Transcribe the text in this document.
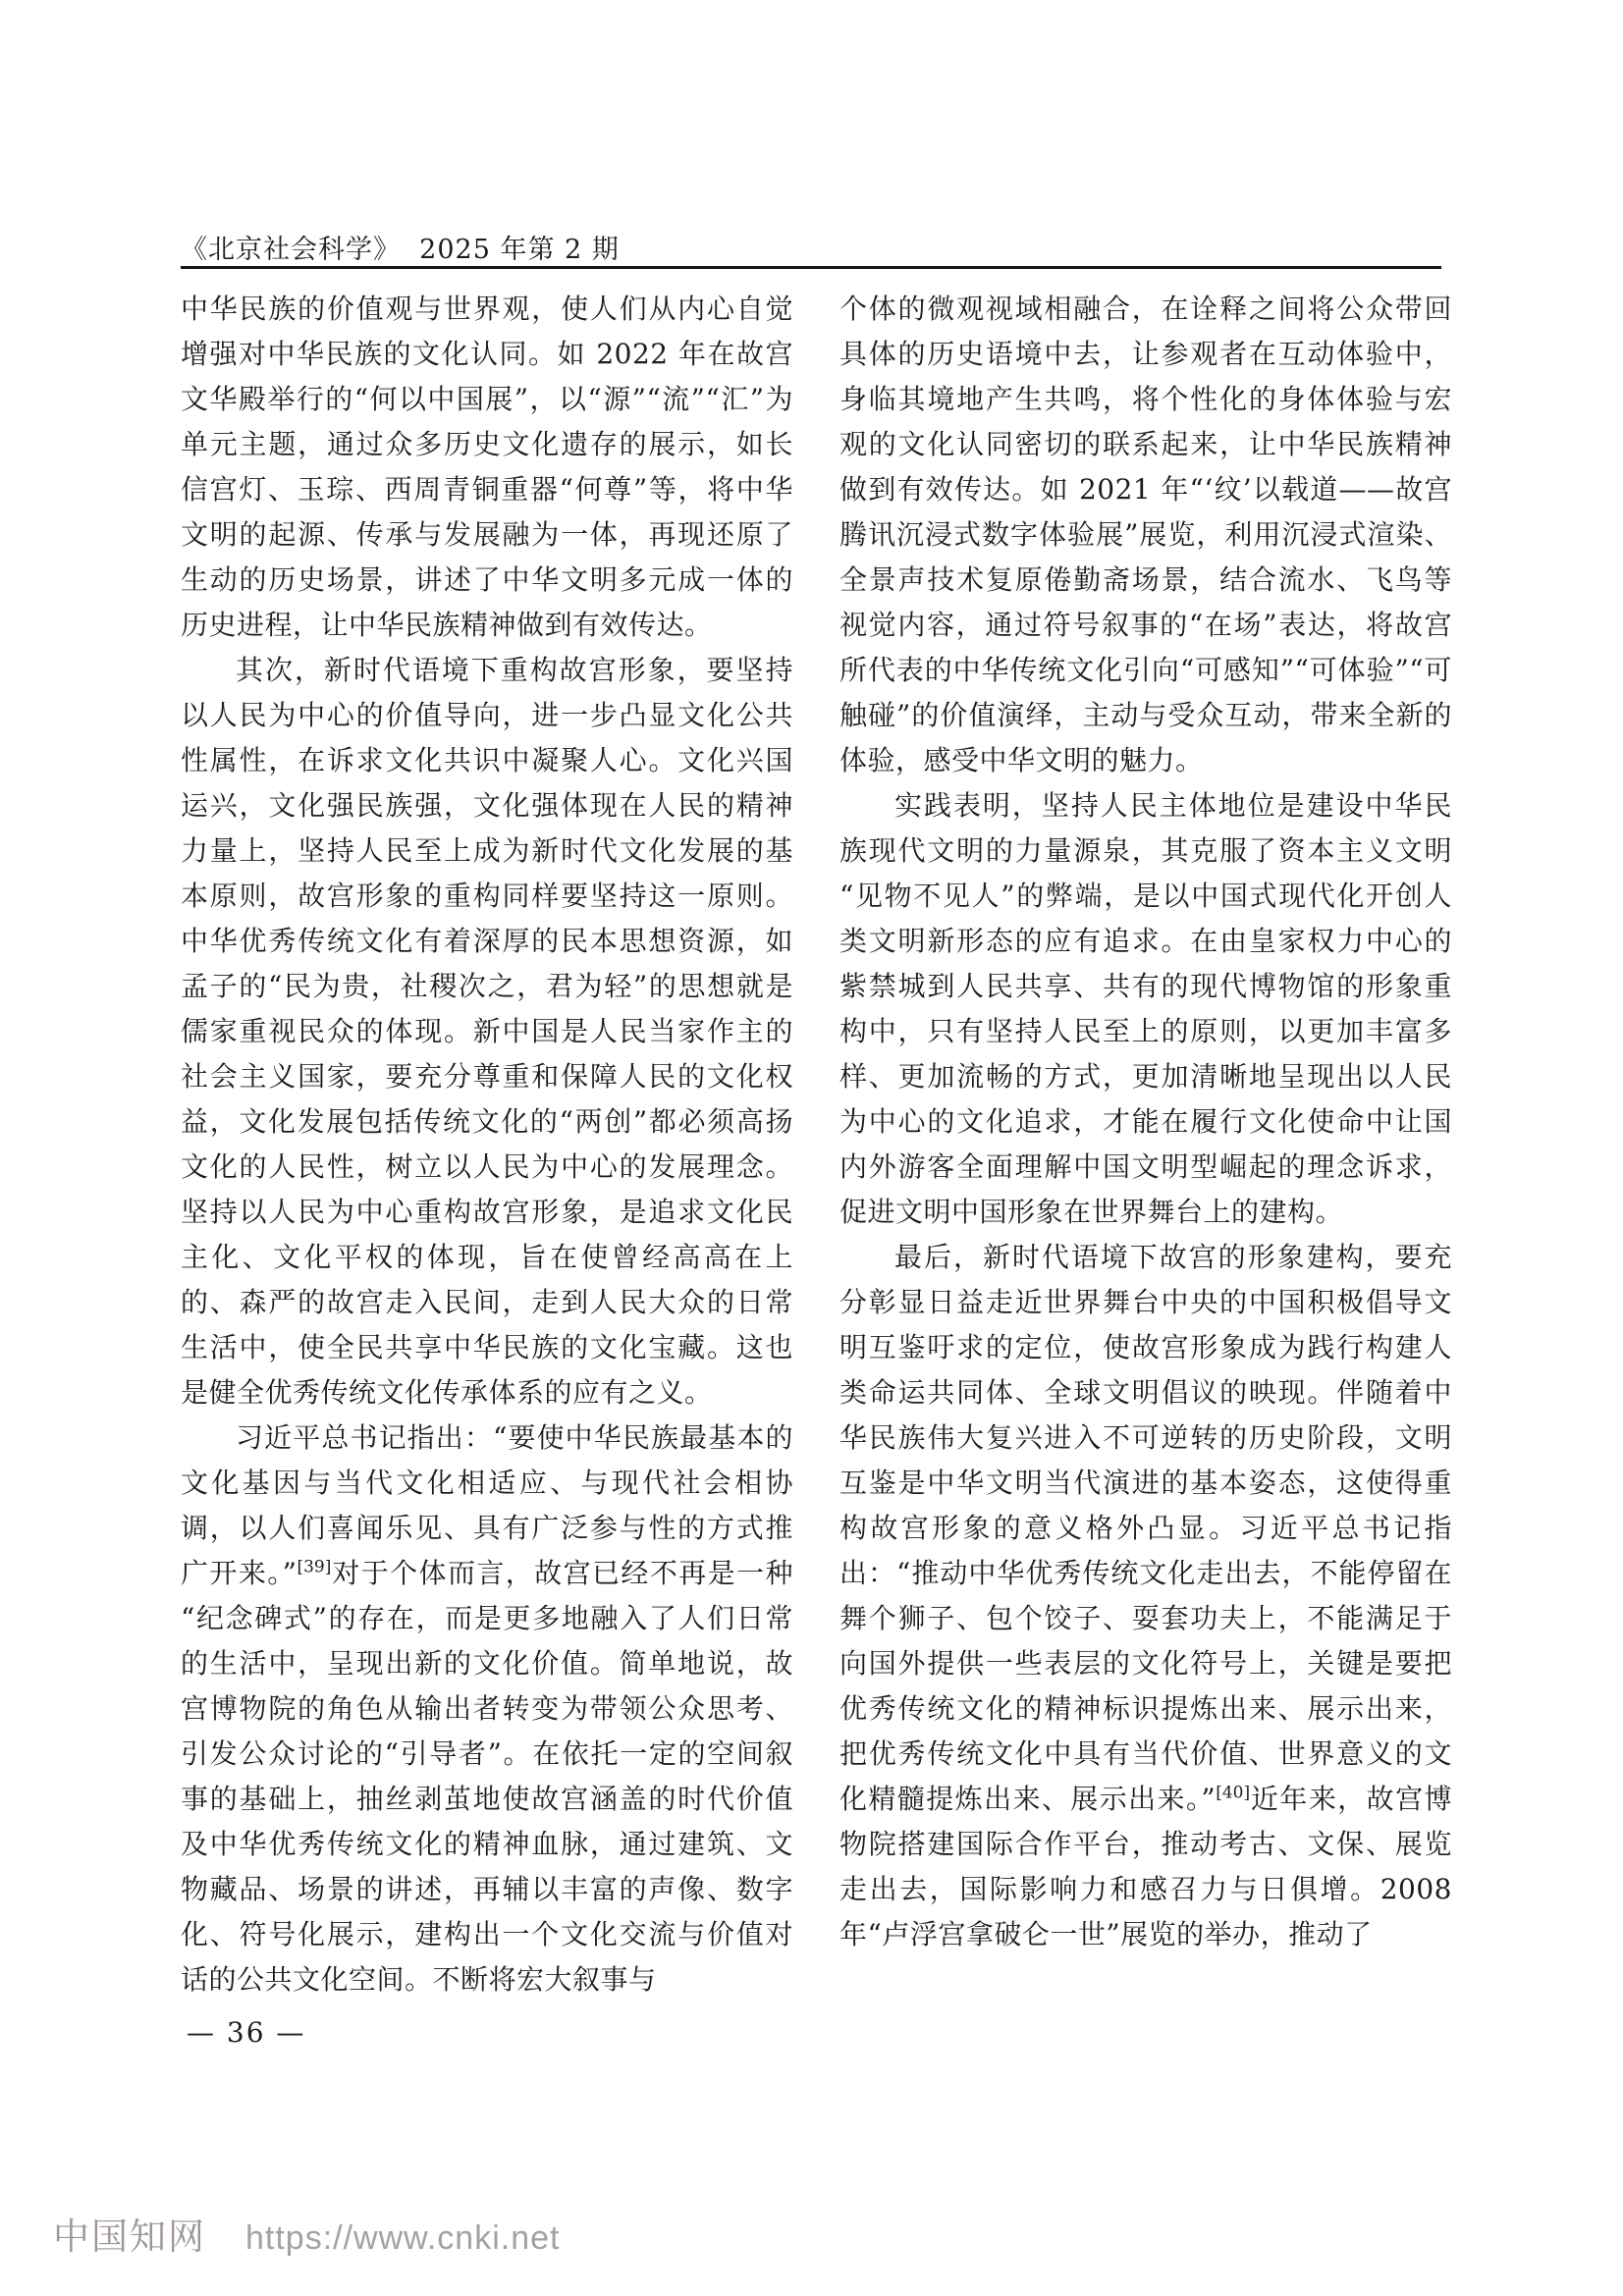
《北京社会科学》  2025 年第 2 期

中华民族的价值观与世界观，使人们从内心自觉增强对中华民族的文化认同。如 2022 年在故宫文华殿举行的“何以中国展”，以“源”“流”“汇”为单元主题，通过众多历史文化遗存的展示，如长信宫灯、玉琮、西周青铜重器“何尊”等，将中华文明的起源、传承与发展融为一体，再现还原了生动的历史场景，讲述了中华文明多元成一体的历史进程，让中华民族精神做到有效传达。

其次，新时代语境下重构故宫形象，要坚持以人民为中心的价值导向，进一步凸显文化公共性属性，在诉求文化共识中凝聚人心。文化兴国运兴，文化强民族强，文化强体现在人民的精神力量上，坚持人民至上成为新时代文化发展的基本原则，故宫形象的重构同样要坚持这一原则。中华优秀传统文化有着深厚的民本思想资源，如孟子的“民为贵，社稷次之，君为轻”的思想就是儒家重视民众的体现。新中国是人民当家作主的社会主义国家，要充分尊重和保障人民的文化权益，文化发展包括传统文化的“两创”都必须高扬文化的人民性，树立以人民为中心的发展理念。坚持以人民为中心重构故宫形象，是追求文化民主化、文化平权的体现，旨在使曾经高高在上的、森严的故宫走入民间，走到人民大众的日常生活中，使全民共享中华民族的文化宝藏。这也是健全优秀传统文化传承体系的应有之义。

习近平总书记指出：“要使中华民族最基本的文化基因与当代文化相适应、与现代社会相协调，以人们喜闻乐见、具有广泛参与性的方式推广开来。”[39]对于个体而言，故宫已经不再是一种“纪念碑式”的存在，而是更多地融入了人们日常的生活中，呈现出新的文化价值。简单地说，故宫博物院的角色从输出者转变为带领公众思考、引发公众讨论的“引导者”。在依托一定的空间叙事的基础上，抽丝剥茧地使故宫涵盖的时代价值及中华优秀传统文化的精神血脉，通过建筑、文物藏品、场景的讲述，再辅以丰富的声像、数字化、符号化展示，建构出一个文化交流与价值对话的公共文化空间。不断将宏大叙事与

个体的微观视域相融合，在诠释之间将公众带回具体的历史语境中去，让参观者在互动体验中，身临其境地产生共鸣，将个性化的身体体验与宏观的文化认同密切的联系起来，让中华民族精神做到有效传达。如 2021 年“‘纹’以载道——故宫腾讯沉浸式数字体验展”展览，利用沉浸式渲染、全景声技术复原倦勤斋场景，结合流水、飞鸟等视觉内容，通过符号叙事的“在场”表达，将故宫所代表的中华传统文化引向“可感知”“可体验”“可触碰”的价值演绎，主动与受众互动，带来全新的体验，感受中华文明的魅力。

实践表明，坚持人民主体地位是建设中华民族现代文明的力量源泉，其克服了资本主义文明“见物不见人”的弊端，是以中国式现代化开创人类文明新形态的应有追求。在由皇家权力中心的紫禁城到人民共享、共有的现代博物馆的形象重构中，只有坚持人民至上的原则，以更加丰富多样、更加流畅的方式，更加清晰地呈现出以人民为中心的文化追求，才能在履行文化使命中让国内外游客全面理解中国文明型崛起的理念诉求，促进文明中国形象在世界舞台上的建构。

最后，新时代语境下故宫的形象建构，要充分彰显日益走近世界舞台中央的中国积极倡导文明互鉴吁求的定位，使故宫形象成为践行构建人类命运共同体、全球文明倡议的映现。伴随着中华民族伟大复兴进入不可逆转的历史阶段，文明互鉴是中华文明当代演进的基本姿态，这使得重构故宫形象的意义格外凸显。习近平总书记指出：“推动中华优秀传统文化走出去，不能停留在舞个狮子、包个饺子、耍套功夫上，不能满足于向国外提供一些表层的文化符号上，关键是要把优秀传统文化的精神标识提炼出来、展示出来，把优秀传统文化中具有当代价值、世界意义的文化精髓提炼出来、展示出来。”[40]近年来，故宫博物院搭建国际合作平台，推动考古、文保、展览走出去，国际影响力和感召力与日俱增。2008 年“卢浮宫拿破仑一世”展览的举办，推动了

— 36 —
中国知网 https://www.cnki.net
